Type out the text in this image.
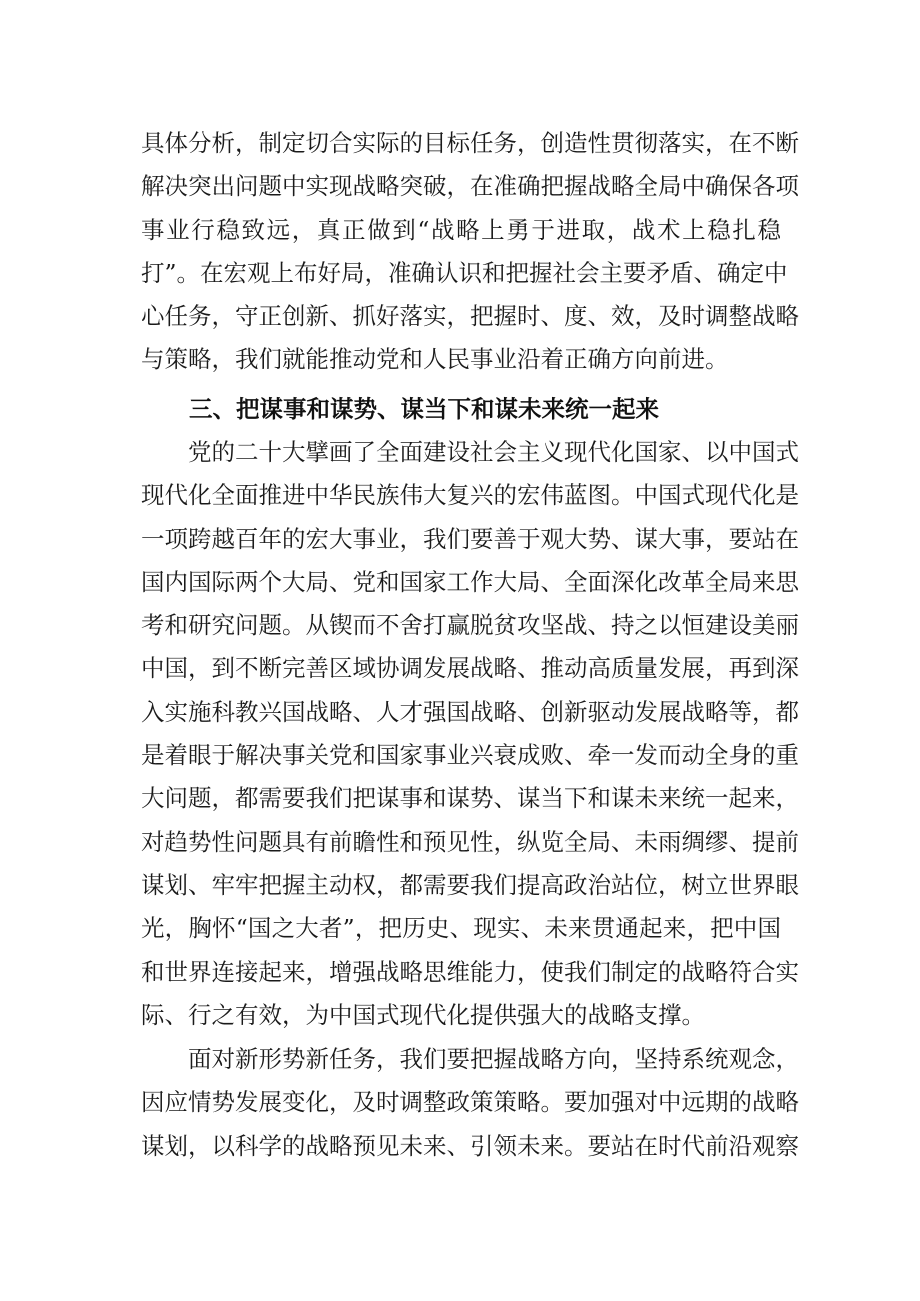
具体分析，制定切合实际的目标任务，创造性贯彻落实，在不断
解决突出问题中实现战略突破，在准确把握战略全局中确保各项
事业行稳致远，真正做到“战略上勇于进取，战术上稳扎稳
打”。在宏观上布好局，准确认识和把握社会主要矛盾、确定中
心任务，守正创新、抓好落实，把握时、度、效，及时调整战略
与策略，我们就能推动党和人民事业沿着正确方向前进。
三、把谋事和谋势、谋当下和谋未来统一起来
党的二十大擘画了全面建设社会主义现代化国家、以中国式
现代化全面推进中华民族伟大复兴的宏伟蓝图。中国式现代化是
一项跨越百年的宏大事业，我们要善于观大势、谋大事，要站在
国内国际两个大局、党和国家工作大局、全面深化改革全局来思
考和研究问题。从锲而不舍打赢脱贫攻坚战、持之以恒建设美丽
中国，到不断完善区域协调发展战略、推动高质量发展，再到深
入实施科教兴国战略、人才强国战略、创新驱动发展战略等，都
是着眼于解决事关党和国家事业兴衰成败、牵一发而动全身的重
大问题，都需要我们把谋事和谋势、谋当下和谋未来统一起来，
对趋势性问题具有前瞻性和预见性，纵览全局、未雨绸缪、提前
谋划、牢牢把握主动权，都需要我们提高政治站位，树立世界眼
光，胸怀“国之大者”，把历史、现实、未来贯通起来，把中国
和世界连接起来，增强战略思维能力，使我们制定的战略符合实
际、行之有效，为中国式现代化提供强大的战略支撑。
面对新形势新任务，我们要把握战略方向，坚持系统观念，
因应情势发展变化，及时调整政策策略。要加强对中远期的战略
谋划，以科学的战略预见未来、引领未来。要站在时代前沿观察
